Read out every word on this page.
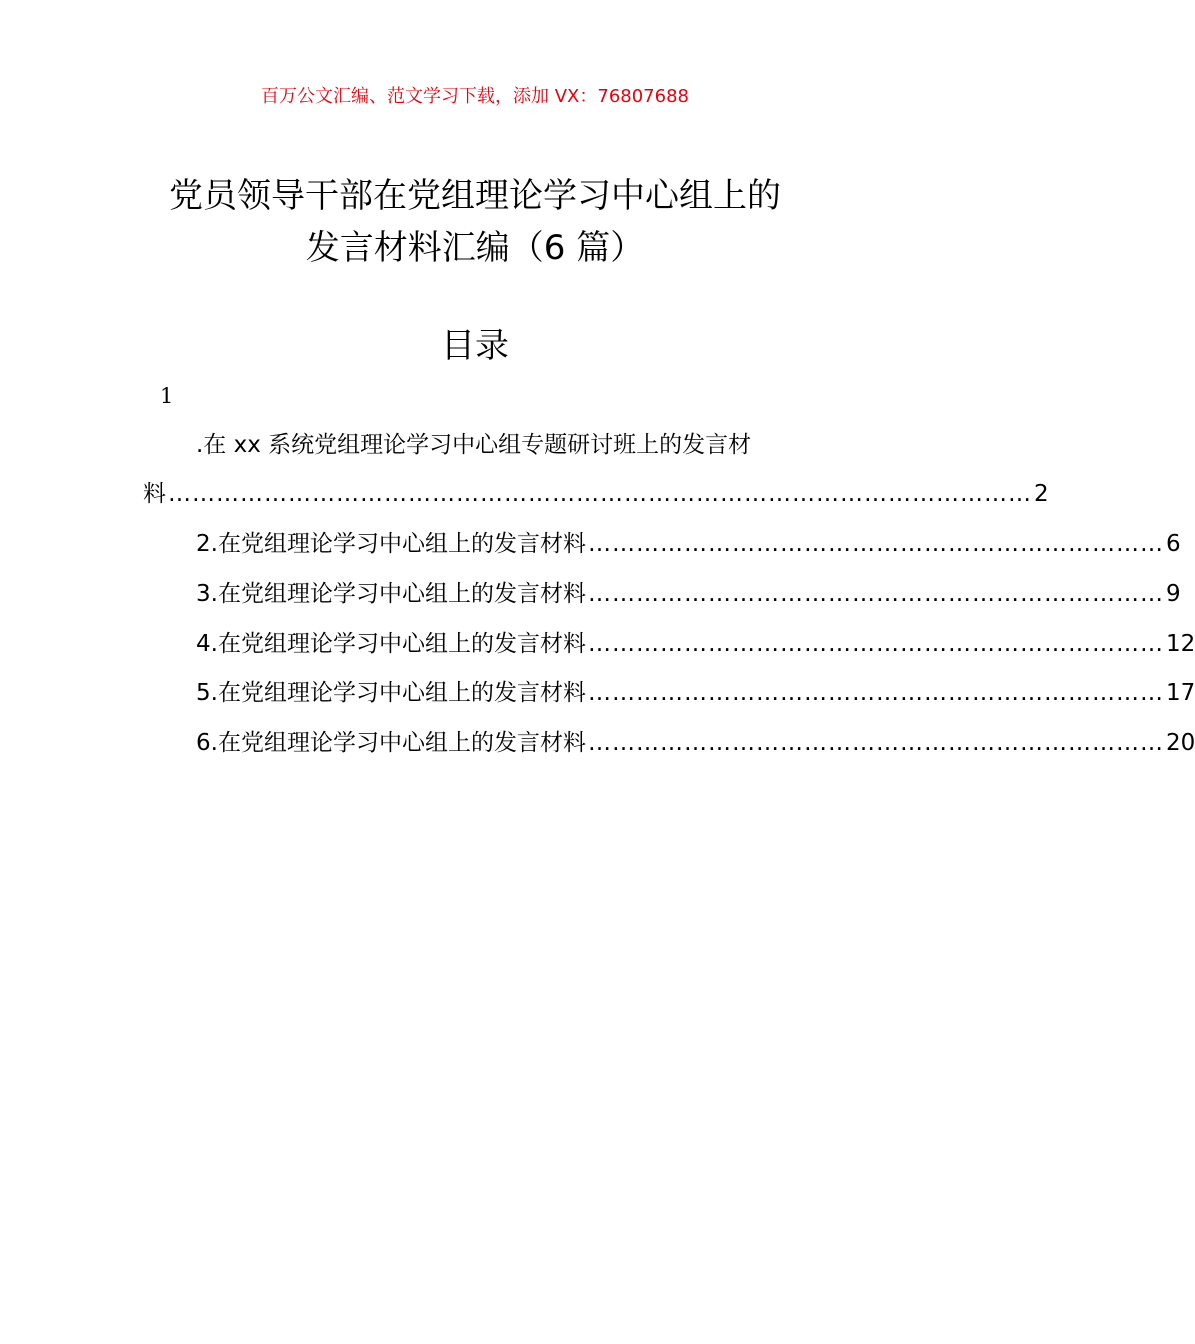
百万公文汇编、范文学习下载，添加 VX：76807688
党员领导干部在党组理论学习中心组上的
发言材料汇编（6 篇）
目录
1
.在 xx 系统党组理论学习中心组专题研讨班上的发言材
料 ……………………………………………………………………………………………… 2
2.在党组理论学习中心组上的发言材料 ……………………………………………………………… 6
3.在党组理论学习中心组上的发言材料 ……………………………………………………………… 9
4.在党组理论学习中心组上的发言材料 ……………………………………………………………… 12
5.在党组理论学习中心组上的发言材料 ……………………………………………………………… 17
6.在党组理论学习中心组上的发言材料 ……………………………………………………………… 20
